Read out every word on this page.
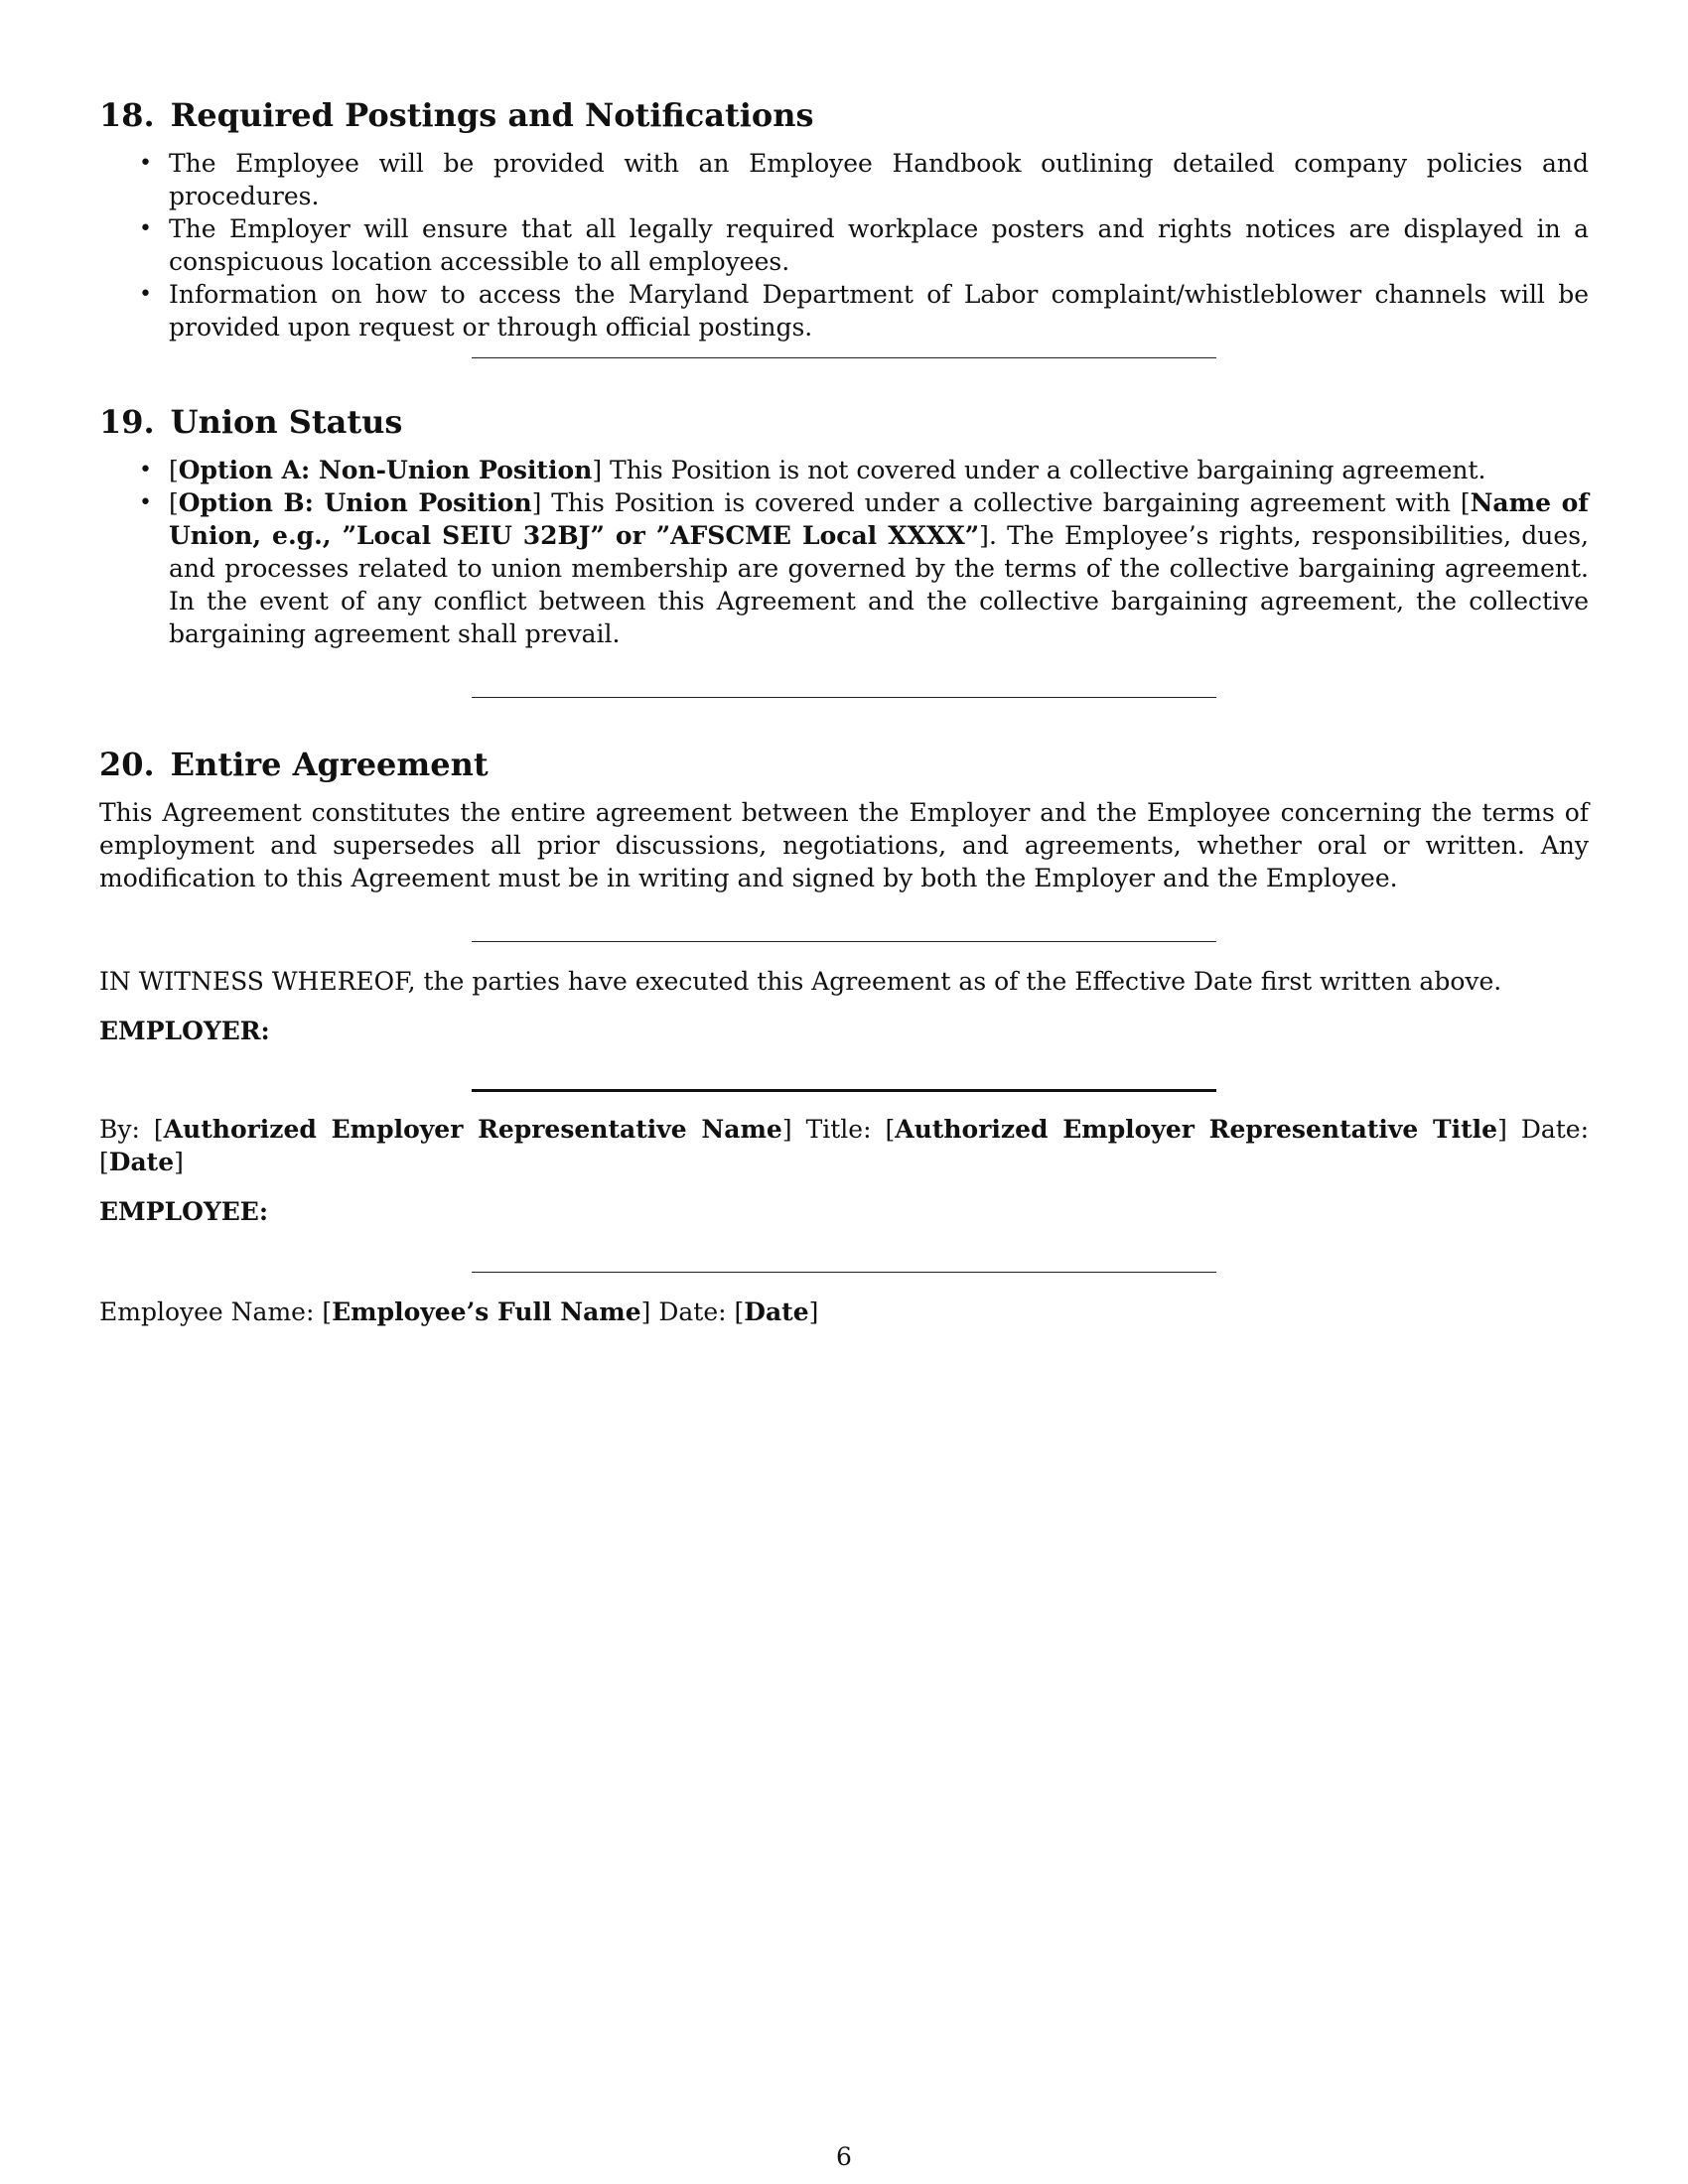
18. Required Postings and Notifications
• The Employee will be provided with an Employee Handbook outlining detailed company policies and procedures.
• The Employer will ensure that all legally required workplace posters and rights notices are displayed in a conspicuous location accessible to all employees.
• Information on how to access the Maryland Department of Labor complaint/whistleblower channels will be provided upon request or through official postings.
19. Union Status
• [Option A: Non-Union Position] This Position is not covered under a collective bargaining agreement.
• [Option B: Union Position] This Position is covered under a collective bargaining agreement with [Name of Union, e.g., ”Local SEIU 32BJ” or ”AFSCME Local XXXX”]. The Employee’s rights, responsibilities, dues, and processes related to union membership are governed by the terms of the collective bargaining agreement. In the event of any conflict between this Agreement and the collective bargaining agreement, the collective bargaining agreement shall prevail.
20. Entire Agreement

This Agreement constitutes the entire agreement between the Employer and the Employee concerning the terms of employment and supersedes all prior discussions, negotiations, and agreements, whether oral or written. Any modification to this Agreement must be in writing and signed by both the Employer and the Employee.

IN WITNESS WHEREOF, the parties have executed this Agreement as of the Effective Date first written above.

EMPLOYER:

By: [Authorized Employer Representative Name] Title: [Authorized Employer Representative Title] Date: [Date]

EMPLOYEE:

Employee Name: [Employee’s Full Name] Date: [Date]

6
